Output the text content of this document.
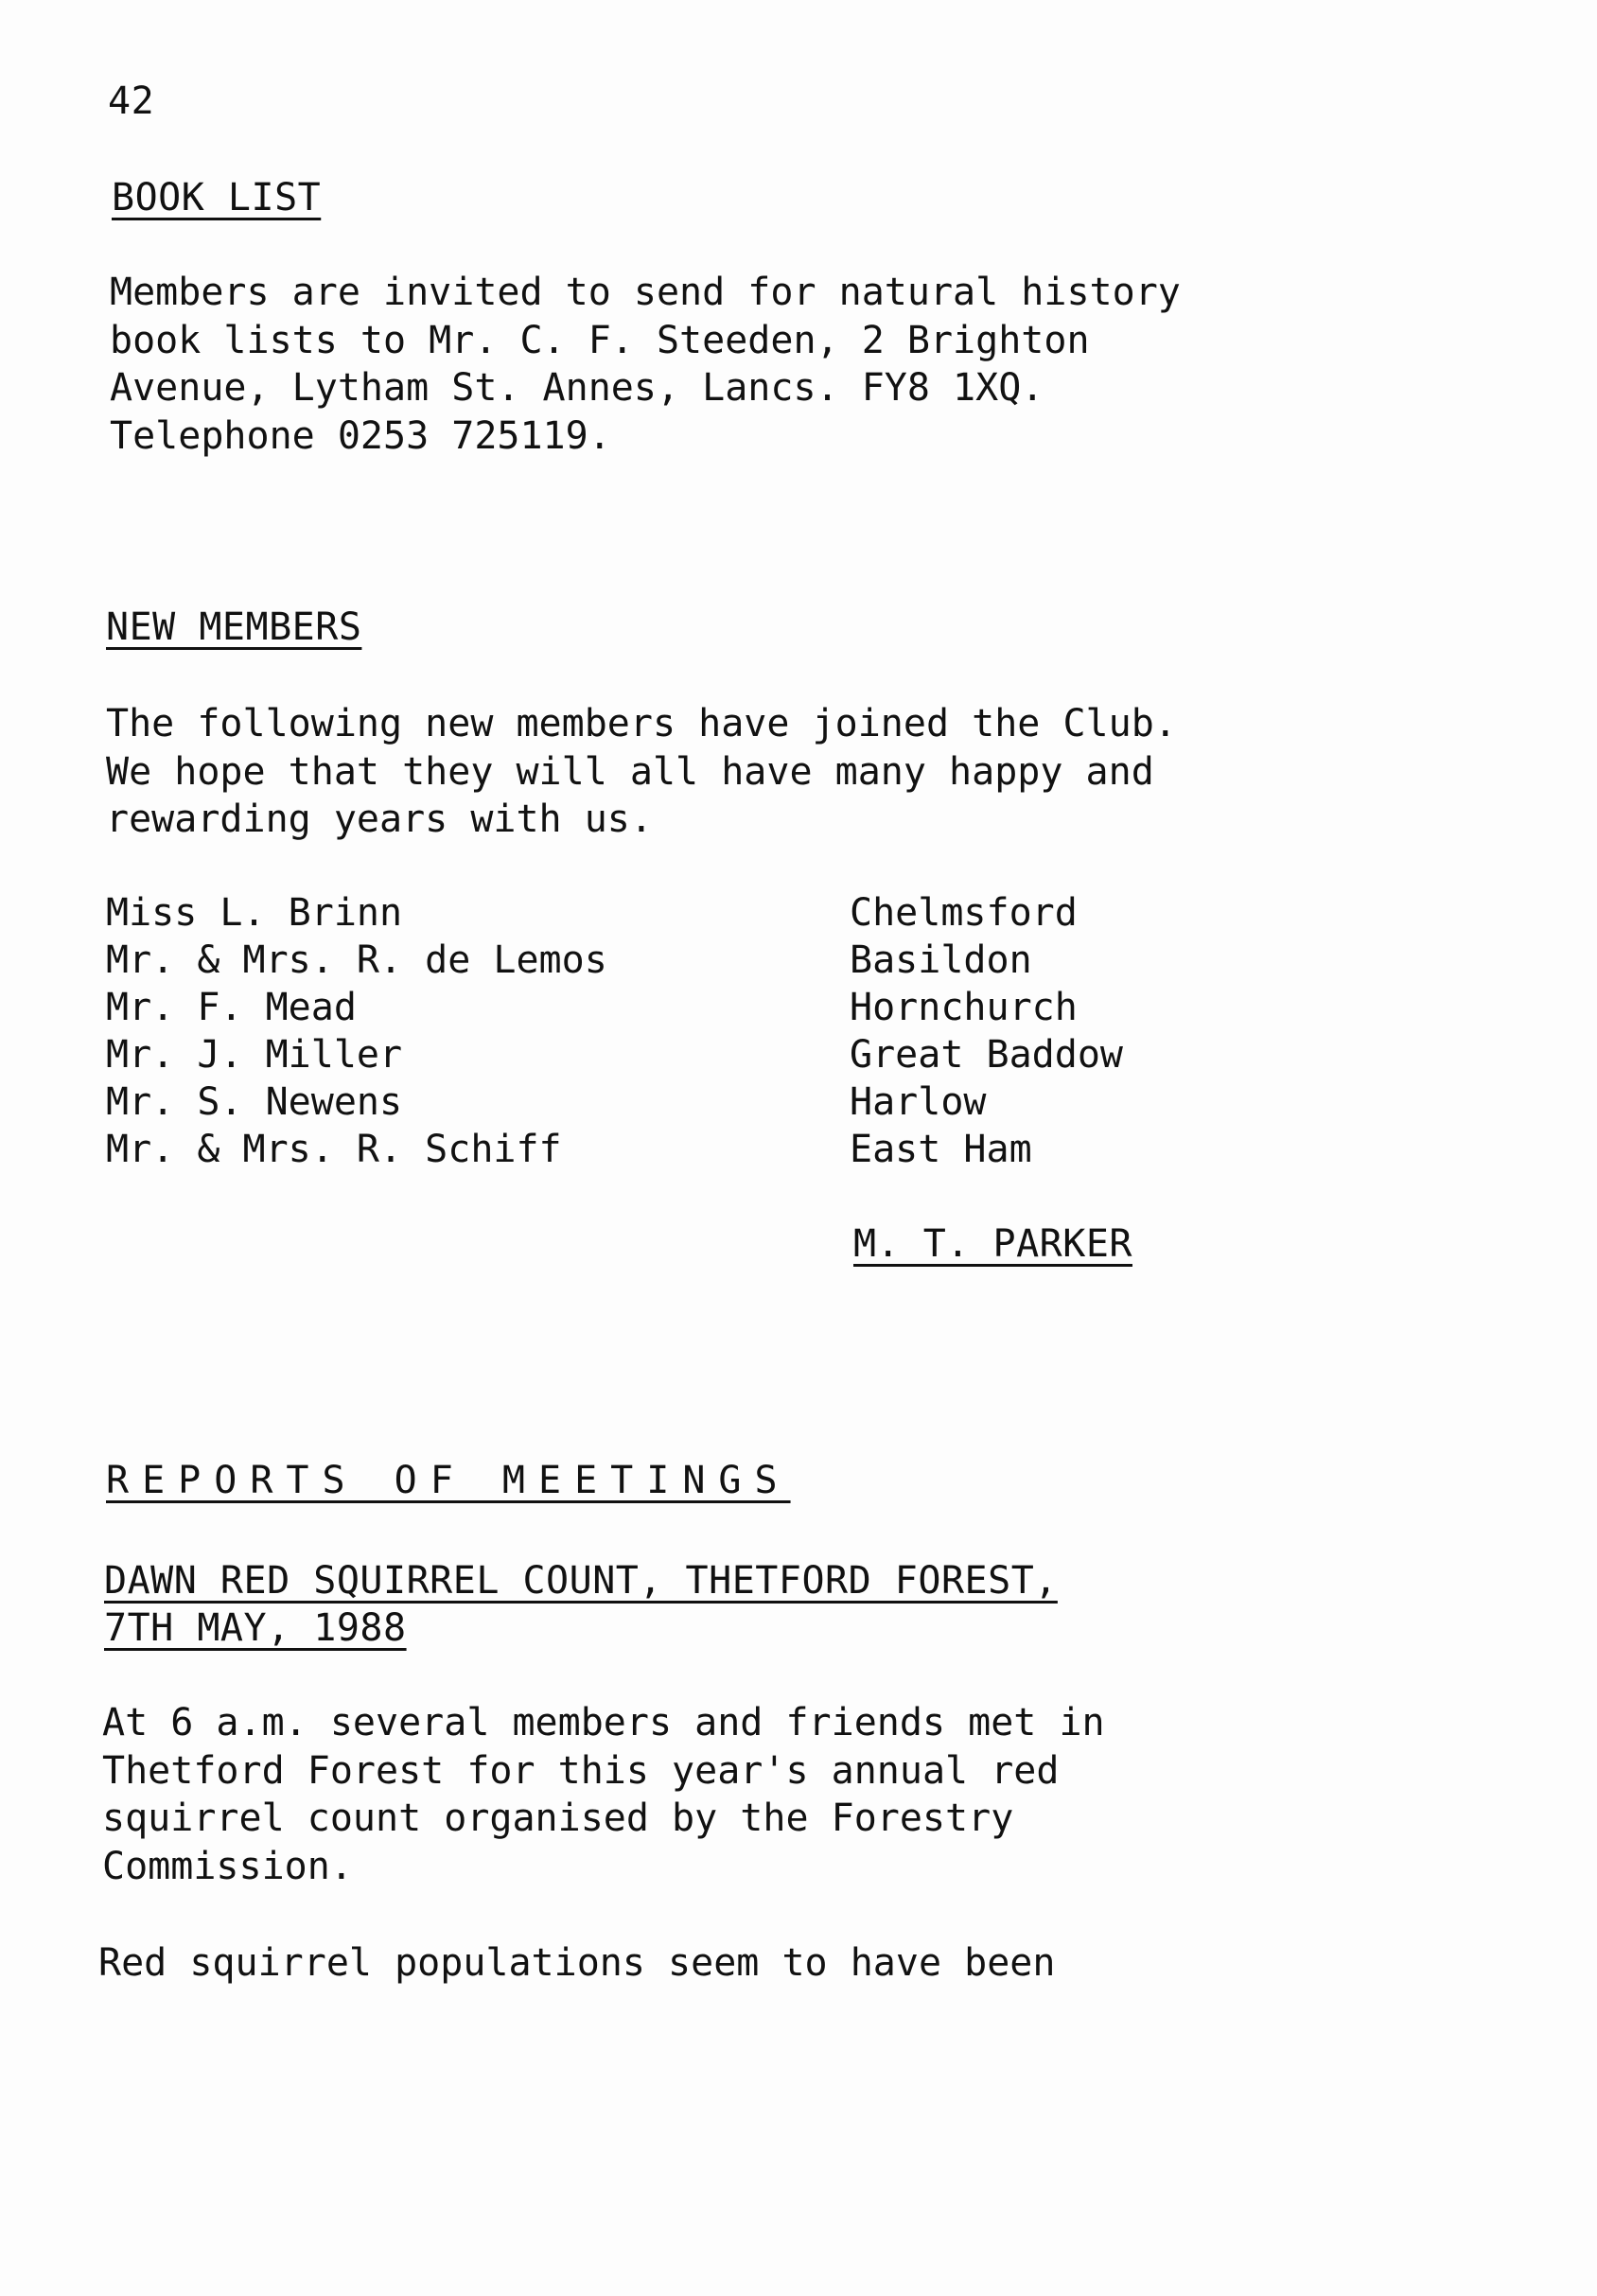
42
BOOK LIST
Members are invited to send for natural history
book lists to Mr. C. F. Steeden, 2 Brighton
Avenue, Lytham St. Annes, Lancs. FY8 1XQ.
Telephone 0253 725119.
NEW MEMBERS
The following new members have joined the Club.
We hope that they will all have many happy and
rewarding years with us.
Miss L. Brinn	Chelmsford
Mr. & Mrs. R. de Lemos	Basildon
Mr. F. Mead	Hornchurch
Mr. J. Miller	Great Baddow
Mr. S. Newens	Harlow
Mr. & Mrs. R. Schiff	East Ham
M. T. PARKER
REPORTS OF MEETINGS
DAWN RED SQUIRREL COUNT, THETFORD FOREST,
7TH MAY, 1988
At 6 a.m. several members and friends met in
Thetford Forest for this year's annual red
squirrel count organised by the Forestry
Commission.
Red squirrel populations seem to have been
